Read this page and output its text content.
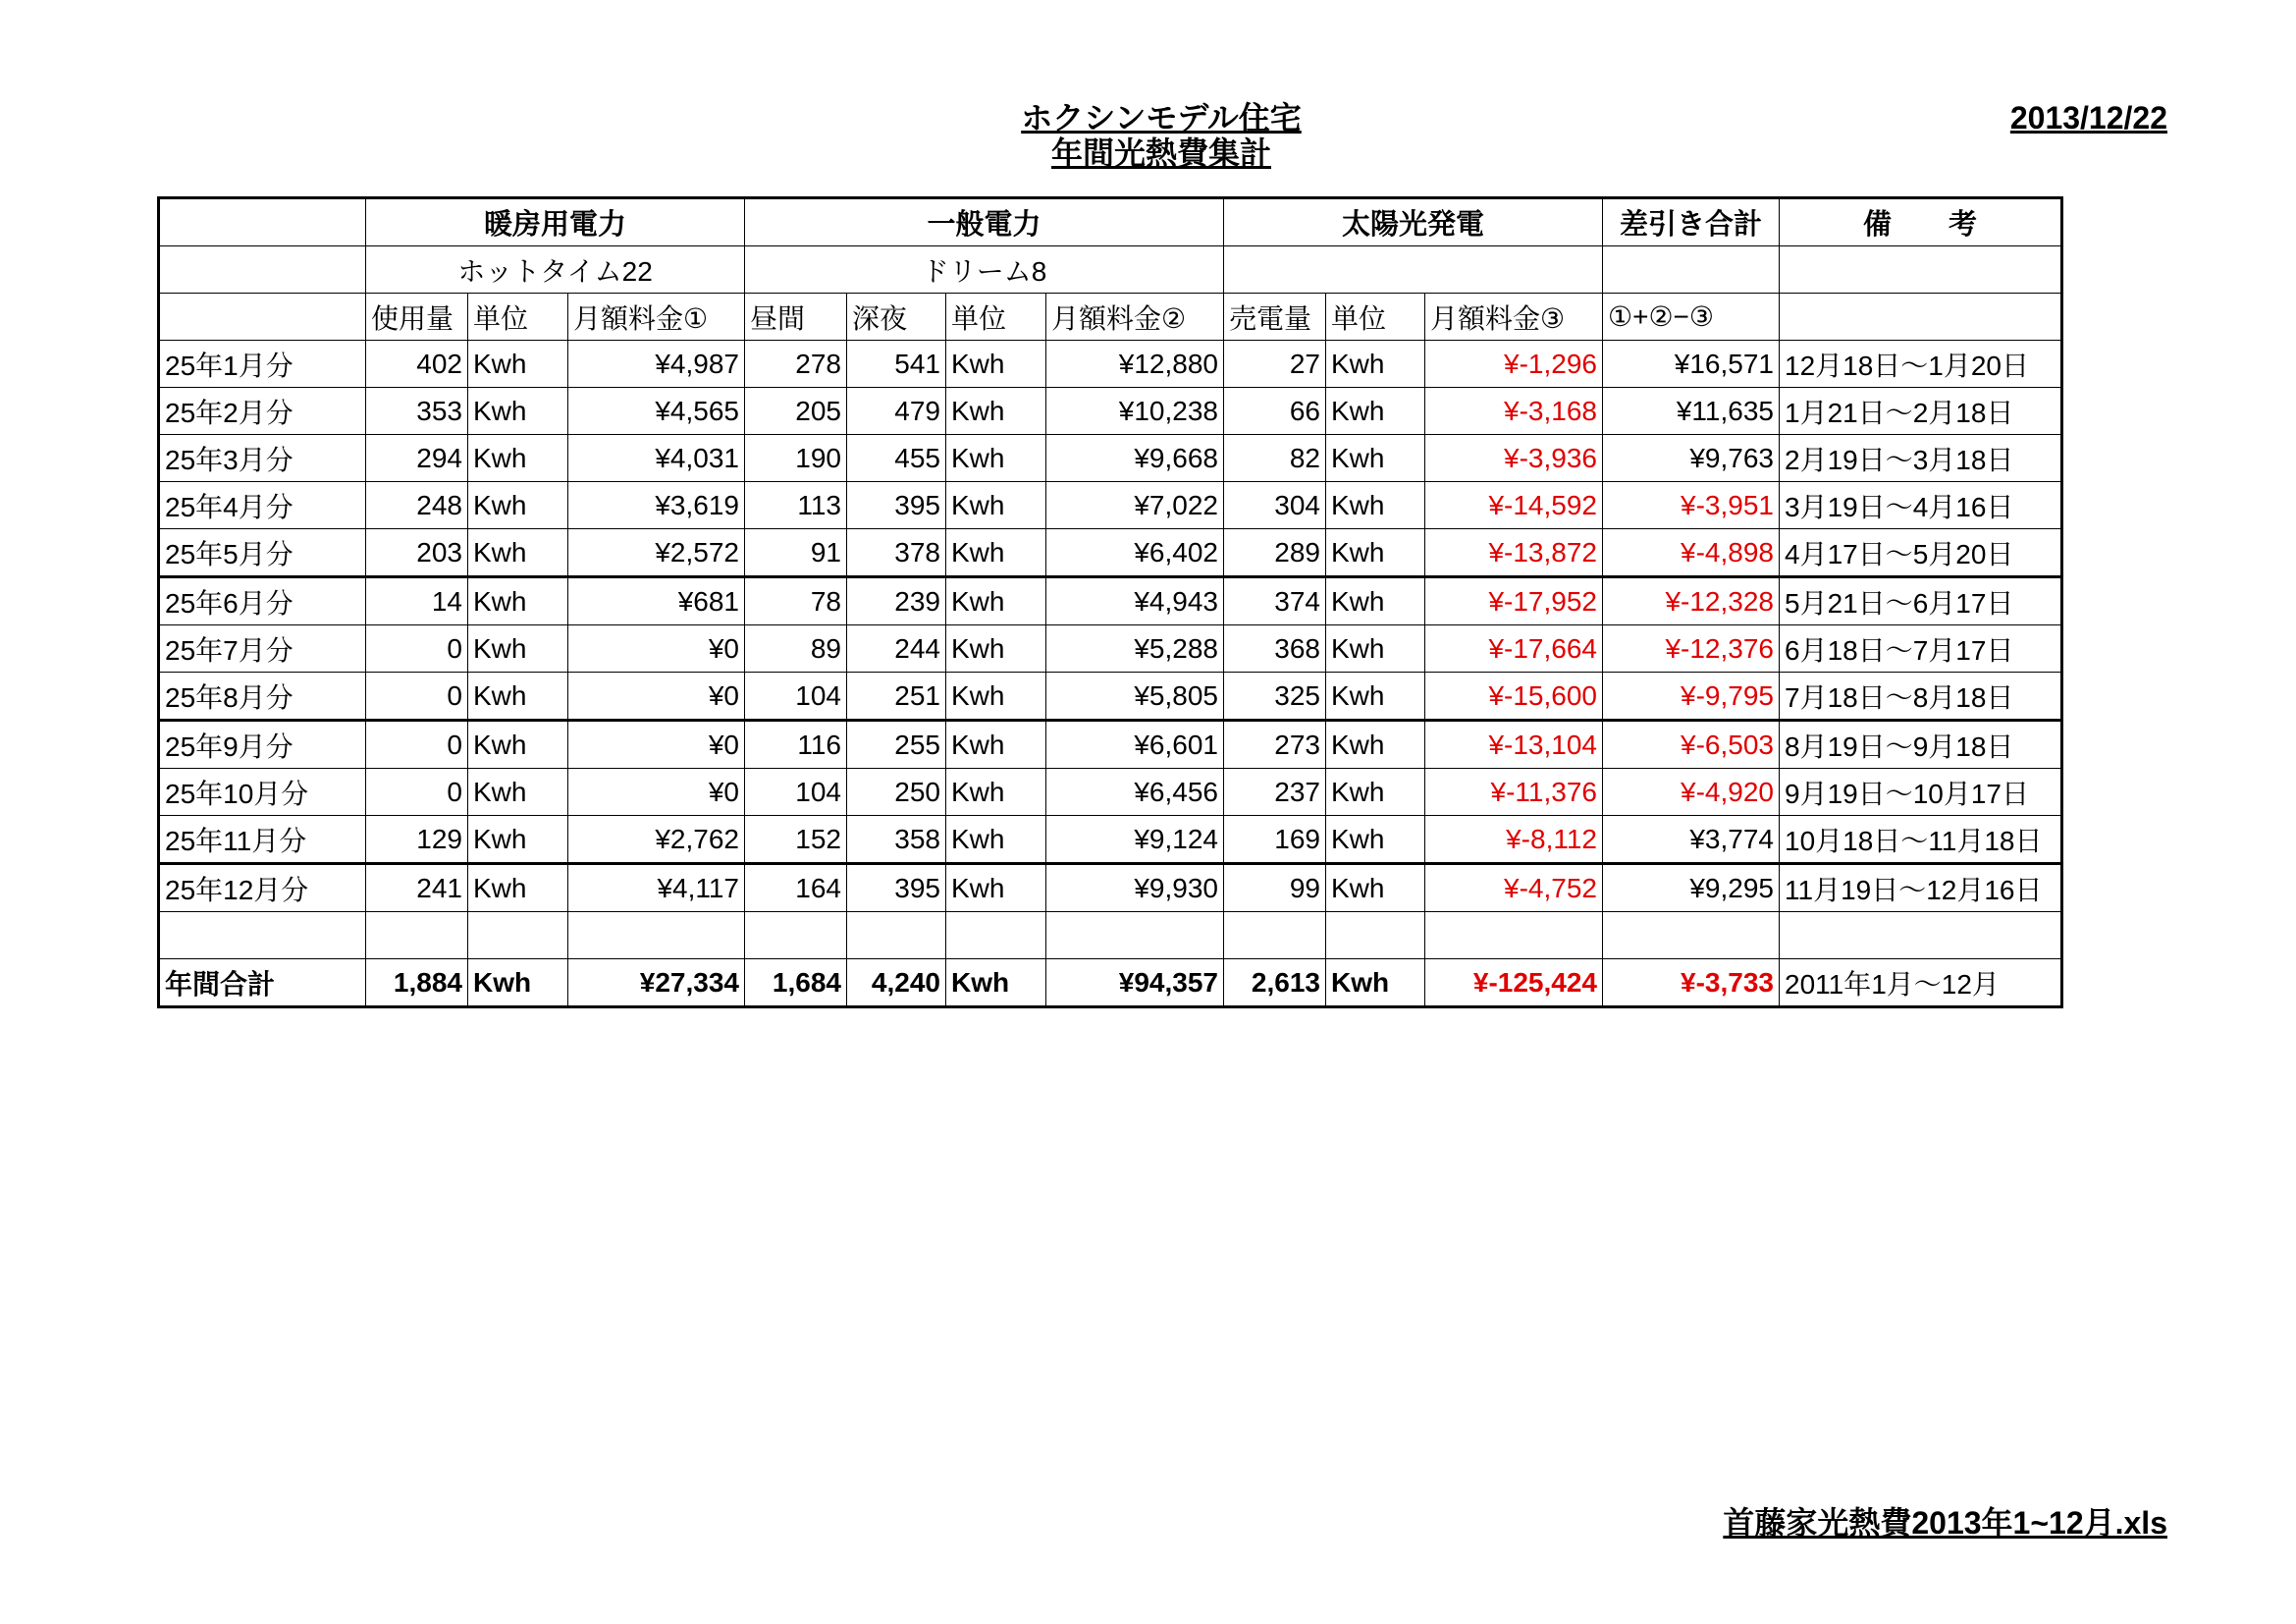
ホクシンモデル住宅
年間光熱費集計
2013/12/22
	暖房用電力			一般電力				太陽光発電			差引き合計	備　　考
	ホットタイム22			ドリーム8								
	使用量	単位	月額料金①	昼間	深夜	単位	月額料金②	売電量	単位	月額料金③	①+②−③	
25年1月分	402	Kwh	¥4,987	278	541	Kwh	¥12,880	27	Kwh	¥-1,296	¥16,571	12月18日～1月20日
25年2月分	353	Kwh	¥4,565	205	479	Kwh	¥10,238	66	Kwh	¥-3,168	¥11,635	1月21日～2月18日
25年3月分	294	Kwh	¥4,031	190	455	Kwh	¥9,668	82	Kwh	¥-3,936	¥9,763	2月19日～3月18日
25年4月分	248	Kwh	¥3,619	113	395	Kwh	¥7,022	304	Kwh	¥-14,592	¥-3,951	3月19日～4月16日
25年5月分	203	Kwh	¥2,572	91	378	Kwh	¥6,402	289	Kwh	¥-13,872	¥-4,898	4月17日～5月20日
25年6月分	14	Kwh	¥681	78	239	Kwh	¥4,943	374	Kwh	¥-17,952	¥-12,328	5月21日～6月17日
25年7月分	0	Kwh	¥0	89	244	Kwh	¥5,288	368	Kwh	¥-17,664	¥-12,376	6月18日～7月17日
25年8月分	0	Kwh	¥0	104	251	Kwh	¥5,805	325	Kwh	¥-15,600	¥-9,795	7月18日～8月18日
25年9月分	0	Kwh	¥0	116	255	Kwh	¥6,601	273	Kwh	¥-13,104	¥-6,503	8月19日～9月18日
25年10月分	0	Kwh	¥0	104	250	Kwh	¥6,456	237	Kwh	¥-11,376	¥-4,920	9月19日～10月17日
25年11月分	129	Kwh	¥2,762	152	358	Kwh	¥9,124	169	Kwh	¥-8,112	¥3,774	10月18日～11月18日
25年12月分	241	Kwh	¥4,117	164	395	Kwh	¥9,930	99	Kwh	¥-4,752	¥9,295	11月19日～12月16日

年間合計	1,884	Kwh	¥27,334	1,684	4,240	Kwh	¥94,357	2,613	Kwh	¥-125,424	¥-3,733	2011年1月～12月
首藤家光熱費2013年1~12月.xls
